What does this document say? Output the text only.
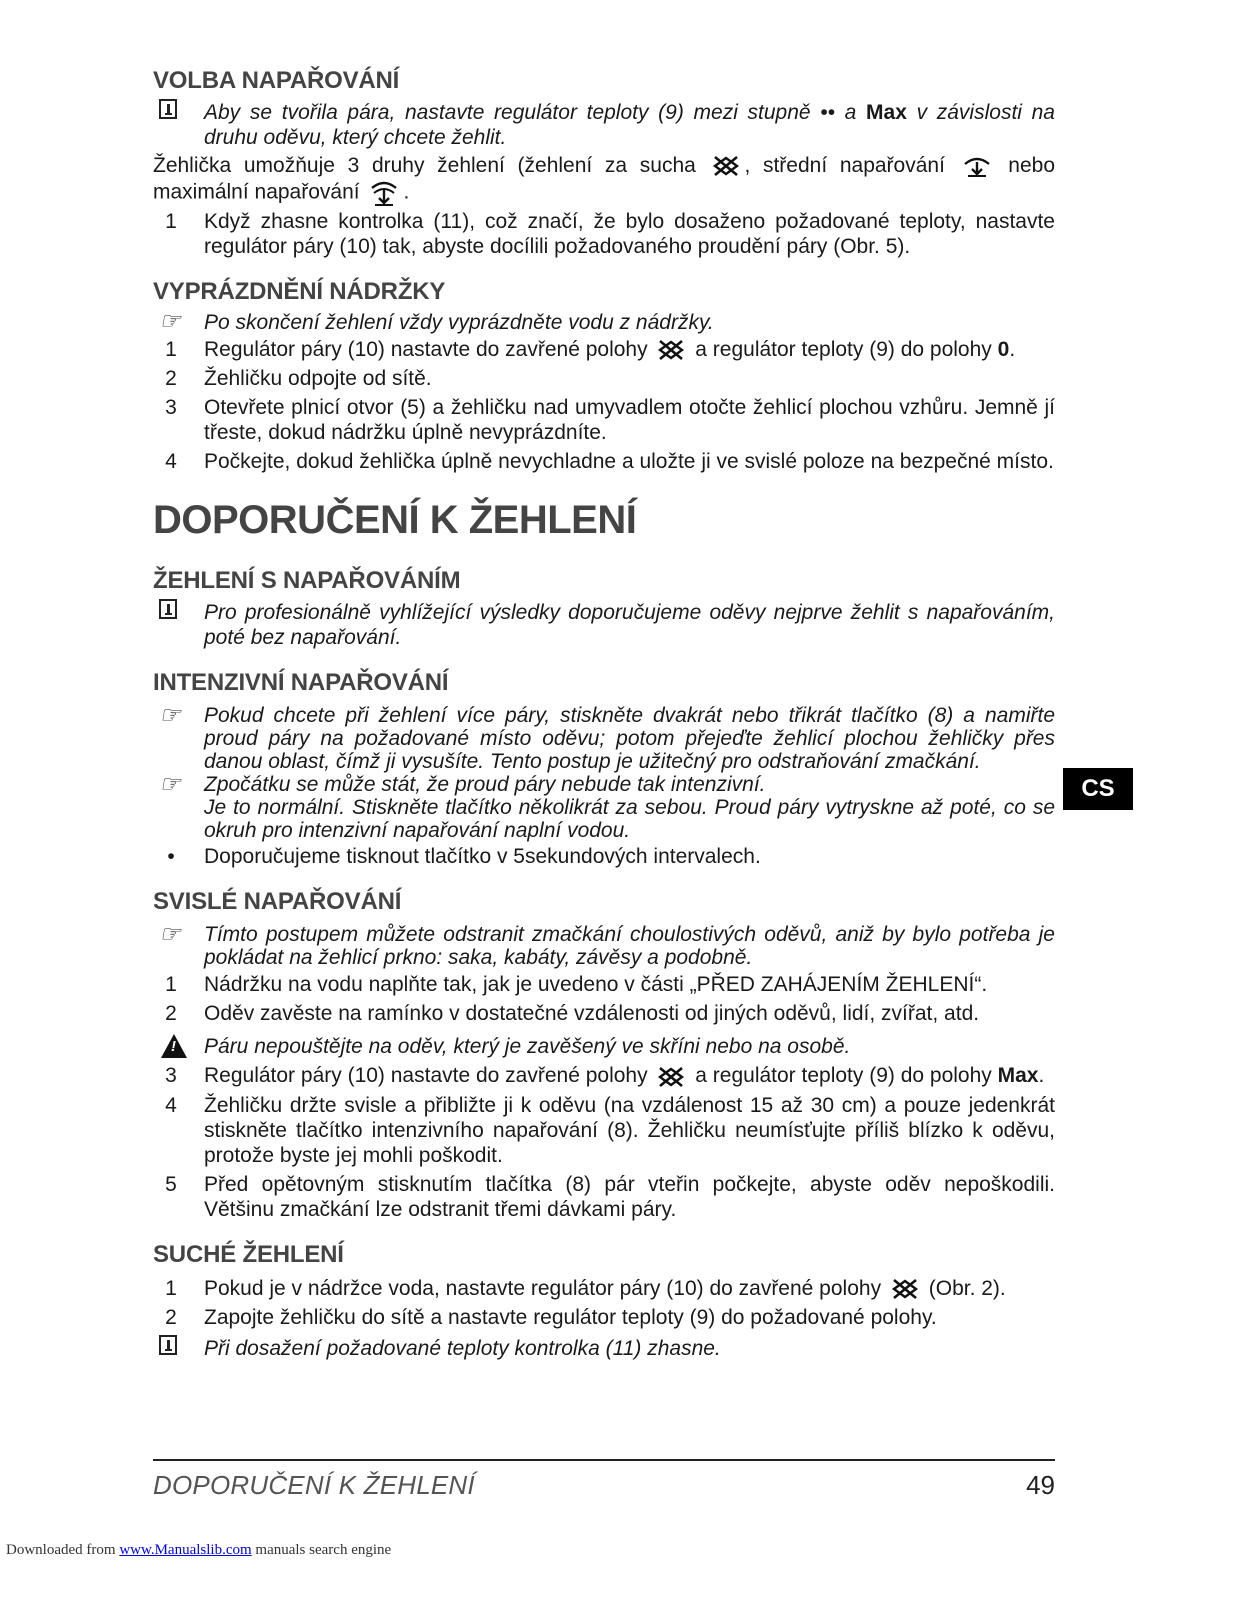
VOLBA NAPAŘOVÁNÍ
Aby se tvořila pára, nastavte regulátor teploty (9) mezi stupně •• a Max v závislosti na druhu oděvu, který chcete žehlit.
Žehlička umožňuje 3 druhy žehlení (žehlení za sucha , střední napařování  nebo maximální napařování .
1	Když zhasne kontrolka (11), což značí, že bylo dosaženo požadované teploty, nastavte regulátor páry (10) tak, abyste docílili požadovaného proudění páry (Obr. 5).
VYPRÁZDNĚNÍ NÁDRŽKY
☞	Po skončení žehlení vždy vyprázdněte vodu z nádržky.
1	Regulátor páry (10) nastavte do zavřené polohy  a regulátor teploty (9) do polohy 0.
2	Žehličku odpojte od sítě.
3	Otevřete plnicí otvor (5) a žehličku nad umyvadlem otočte žehlicí plochou vzhůru. Jemně jí třeste, dokud nádržku úplně nevyprázdníte.
4	Počkejte, dokud žehlička úplně nevychladne a uložte ji ve svislé poloze na bezpečné místo.
DOPORUČENÍ K ŽEHLENÍ
ŽEHLENÍ S NAPAŘOVÁNÍM
Pro profesionálně vyhlížející výsledky doporučujeme oděvy nejprve žehlit s napařováním, poté bez napařování.
INTENZIVNÍ NAPAŘOVÁNÍ
☞	Pokud chcete při žehlení více páry, stiskněte dvakrát nebo třikrát tlačítko (8) a namiřte proud páry na požadované místo oděvu; potom přejeďte žehlicí plochou žehličky přes danou oblast, čímž ji vysušíte. Tento postup je užitečný pro odstraňování zmačkání.
☞	Zpočátku se může stát, že proud páry nebude tak intenzivní.
Je to normální. Stiskněte tlačítko několikrát za sebou. Proud páry vytryskne až poté, co se okruh pro intenzivní napařování naplní vodou.
•	Doporučujeme tisknout tlačítko v 5sekundových intervalech.
SVISLÉ NAPAŘOVÁNÍ
☞	Tímto postupem můžete odstranit zmačkání choulostivých oděvů, aniž by bylo potřeba je pokládat na žehlicí prkno: saka, kabáty, závěsy a podobně.
1	Nádržku na vodu naplňte tak, jak je uvedeno v části „PŘED ZAHÁJENÍM ŽEHLENÍ“.
2	Oděv zavěste na ramínko v dostatečné vzdálenosti od jiných oděvů, lidí, zvířat, atd.
!
Páru nepouštějte na oděv, který je zavěšený ve skříni nebo na osobě.
3	Regulátor páry (10) nastavte do zavřené polohy  a regulátor teploty (9) do polohy Max.
4	Žehličku držte svisle a přibližte ji k oděvu (na vzdálenost 15 až 30 cm) a pouze jedenkrát stiskněte tlačítko intenzivního napařování (8). Žehličku neumísťujte příliš blízko k oděvu, protože byste jej mohli poškodit.
5	Před opětovným stisknutím tlačítka (8) pár vteřin počkejte, abyste oděv nepoškodili. Většinu zmačkání lze odstranit třemi dávkami páry.
SUCHÉ ŽEHLENÍ
1	Pokud je v nádržce voda, nastavte regulátor páry (10) do zavřené polohy  (Obr. 2).
2	Zapojte žehličku do sítě a nastavte regulátor teploty (9) do požadované polohy.
Při dosažení požadované teploty kontrolka (11) zhasne.
CS
DOPORUČENÍ K ŽEHLENÍ	49
Downloaded from www.Manualslib.com manuals search engine
